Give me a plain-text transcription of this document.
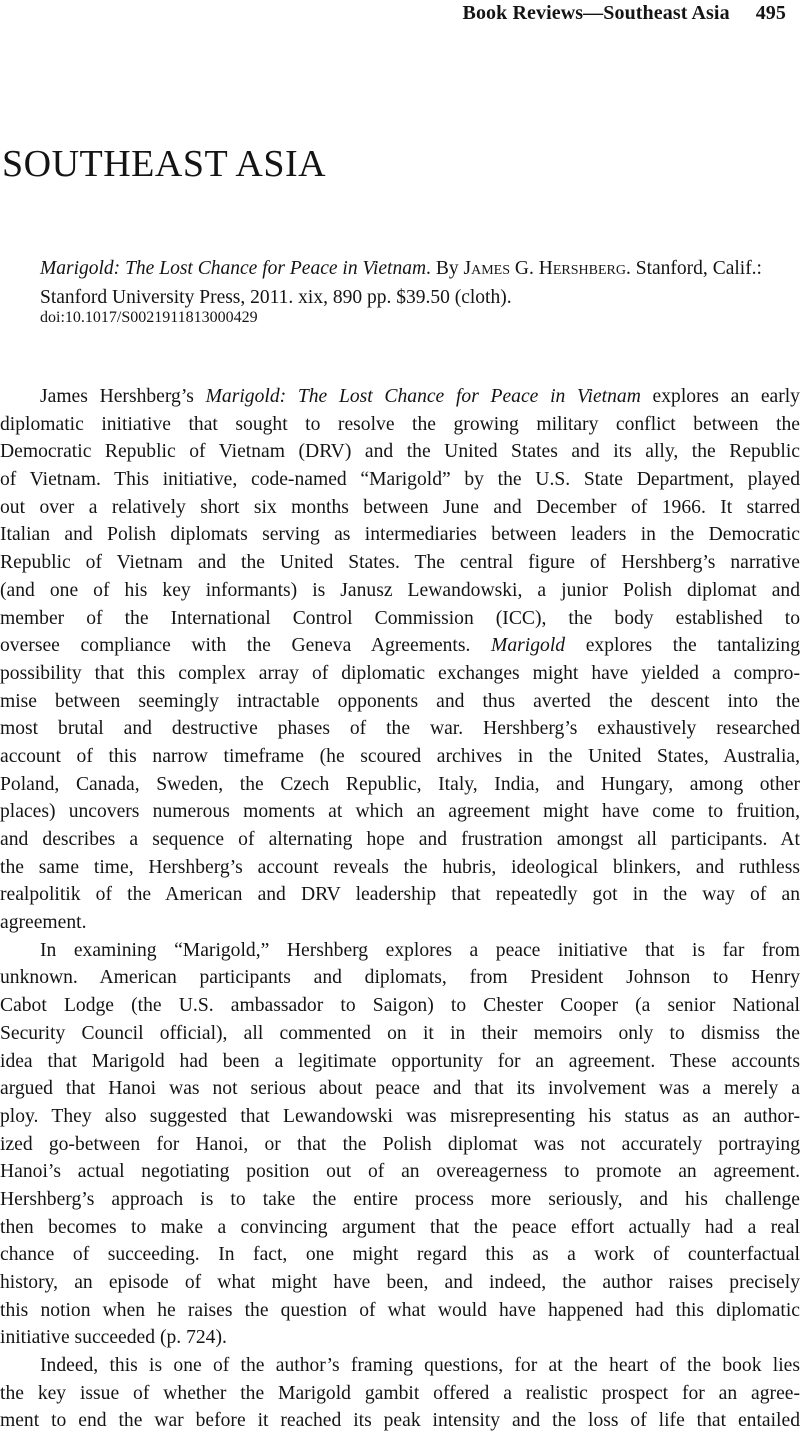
Book Reviews—Southeast Asia 495
SOUTHEAST ASIA
Marigold: The Lost Chance for Peace in Vietnam. By James G. Hershberg. Stanford, Calif.: Stanford University Press, 2011. xix, 890 pp. $39.50 (cloth).
doi:10.1017/S0021911813000429
James Hershberg’s Marigold: The Lost Chance for Peace in Vietnam explores an early
diplomatic initiative that sought to resolve the growing military conflict between the
Democratic Republic of Vietnam (DRV) and the United States and its ally, the Republic
of Vietnam. This initiative, code-named “Marigold” by the U.S. State Department, played
out over a relatively short six months between June and December of 1966. It starred
Italian and Polish diplomats serving as intermediaries between leaders in the Democratic
Republic of Vietnam and the United States. The central figure of Hershberg’s narrative
(and one of his key informants) is Janusz Lewandowski, a junior Polish diplomat and
member of the International Control Commission (ICC), the body established to
oversee compliance with the Geneva Agreements. Marigold explores the tantalizing
possibility that this complex array of diplomatic exchanges might have yielded a compro-
mise between seemingly intractable opponents and thus averted the descent into the
most brutal and destructive phases of the war. Hershberg’s exhaustively researched
account of this narrow timeframe (he scoured archives in the United States, Australia,
Poland, Canada, Sweden, the Czech Republic, Italy, India, and Hungary, among other
places) uncovers numerous moments at which an agreement might have come to fruition,
and describes a sequence of alternating hope and frustration amongst all participants. At
the same time, Hershberg’s account reveals the hubris, ideological blinkers, and ruthless
realpolitik of the American and DRV leadership that repeatedly got in the way of an
agreement.
In examining “Marigold,” Hershberg explores a peace initiative that is far from
unknown. American participants and diplomats, from President Johnson to Henry
Cabot Lodge (the U.S. ambassador to Saigon) to Chester Cooper (a senior National
Security Council official), all commented on it in their memoirs only to dismiss the
idea that Marigold had been a legitimate opportunity for an agreement. These accounts
argued that Hanoi was not serious about peace and that its involvement was a merely a
ploy. They also suggested that Lewandowski was misrepresenting his status as an author-
ized go-between for Hanoi, or that the Polish diplomat was not accurately portraying
Hanoi’s actual negotiating position out of an overeagerness to promote an agreement.
Hershberg’s approach is to take the entire process more seriously, and his challenge
then becomes to make a convincing argument that the peace effort actually had a real
chance of succeeding. In fact, one might regard this as a work of counterfactual
history, an episode of what might have been, and indeed, the author raises precisely
this notion when he raises the question of what would have happened had this diplomatic
initiative succeeded (p. 724).
Indeed, this is one of the author’s framing questions, for at the heart of the book lies
the key issue of whether the Marigold gambit offered a realistic prospect for an agree-
ment to end the war before it reached its peak intensity and the loss of life that entailed
